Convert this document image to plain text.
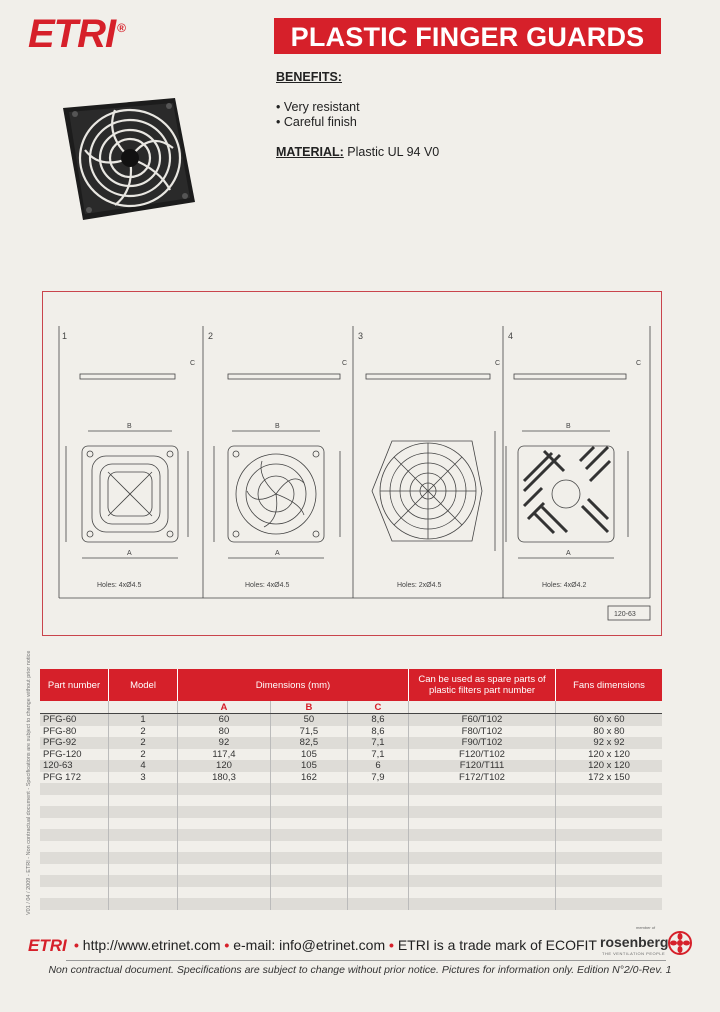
ETRI ®	PLASTIC FINGER GUARDS
BENEFITS:
• Very resistant
• Careful finish
MATERIAL: Plastic UL 94 V0
1	2	3	4
Holes: 4xØ4.5	Holes: 4xØ4.5	Holes: 2xØ4.5	Holes: 4xØ4.2
A
B
A
B
A
B
C	C	C	C
120-63
Part number	Model	Dimensions (mm)			Can be used as spare parts of plastic filters part number	Fans dimensions
		A	B	C		
PFG-60	1	60	50	8,6	F60/T102	60 x 60
PFG-80	2	80	71,5	8,6	F80/T102	80 x 80
PFG-92	2	92	82,5	7,1	F90/T102	92 x 92
PFG-120	2	117,4	105	7,1	F120/T102	120 x 120
120-63	4	120	105	6	F120/T111	120 x 120
PFG 172	3	180,3	162	7,9	F172/T102	172 x 150

V01 / 04 / 2009 - ETRI - Non contractual document - Specifications are subject to change without prior notice
ETRI • http://www.etrinet.com • e-mail: info@etrinet.com • ETRI is a trade mark of ECOFIT
member of
rosenberg
THE VENTILATION PEOPLE
Non contractual document. Specifications are subject to change without prior notice. Pictures for information only. Edition N°2/0-Rev. 1
